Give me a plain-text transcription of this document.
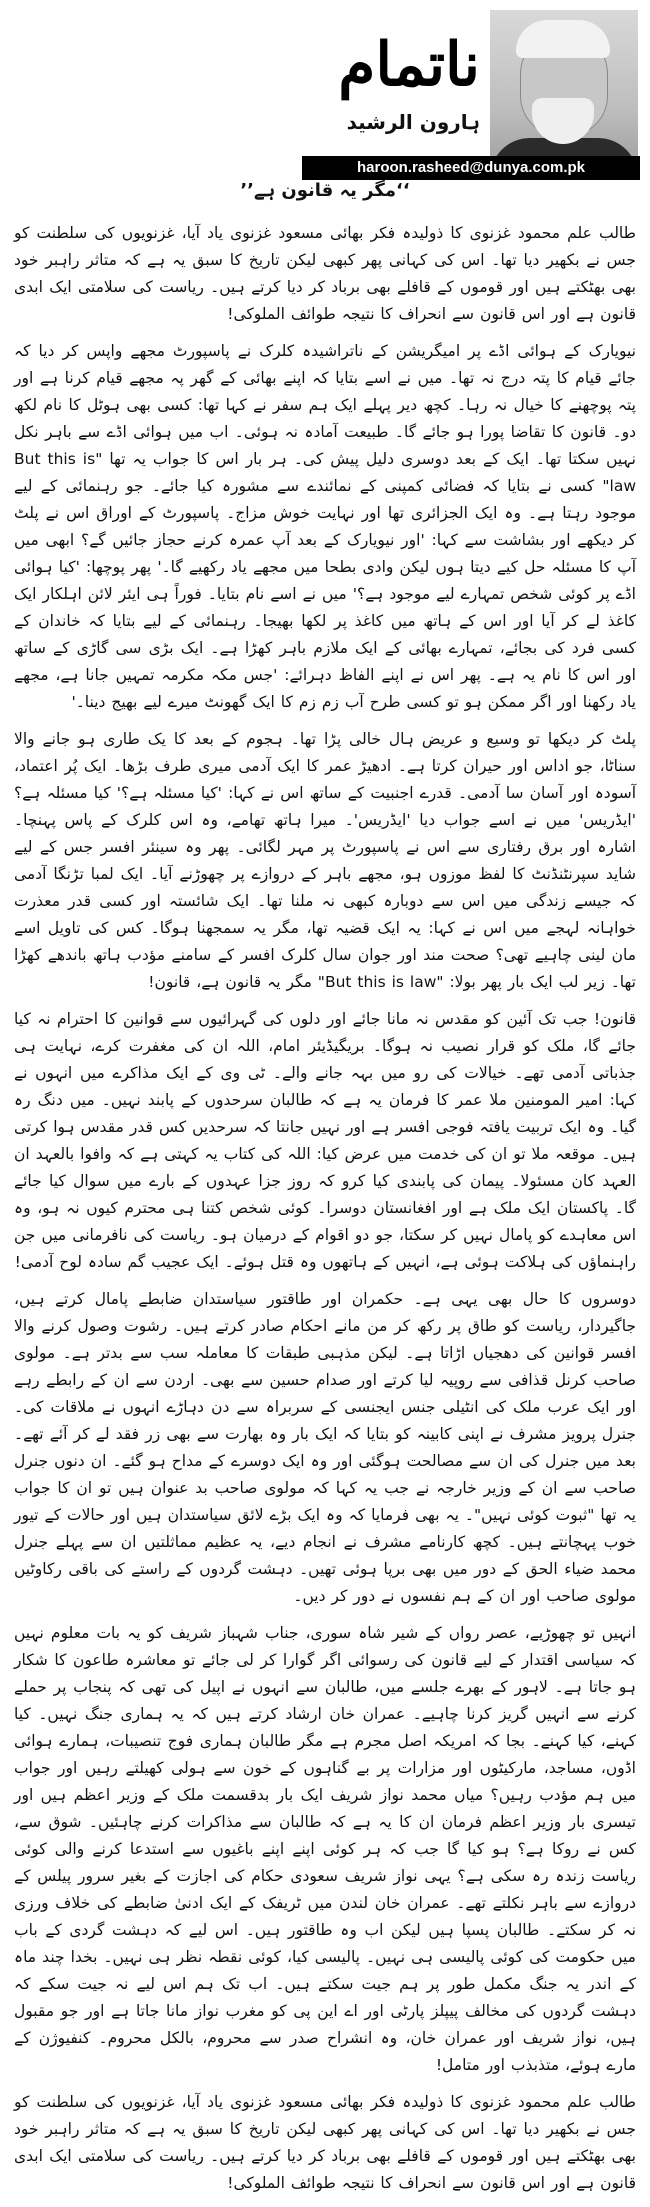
ناتمام
ہارون الرشید
haroon.rasheed@dunya.com.pk
’’مگر یہ قانون ہے‘‘

طالب علم محمود غزنوی کا ذولیدہ فکر بھائی مسعود غزنوی یاد آیا، غزنویوں کی سلطنت کو جس نے بکھیر دیا تھا۔ اس کی کہانی پھر کبھی لیکن تاریخ کا سبق یہ ہے کہ متاثر راہبر خود بھی بھٹکتے ہیں اور قوموں کے قافلے بھی برباد کر دیا کرتے ہیں۔ ریاست کی سلامتی ایک ابدی قانون ہے اور اس قانون سے انحراف کا نتیجہ طوائف الملوکی!

نیویارک کے ہوائی اڈے پر امیگریشن کے ناتراشیدہ کلرک نے پاسپورٹ مجھے واپس کر دیا کہ جائے قیام کا پتہ درج نہ تھا۔ میں نے اسے بتایا کہ اپنے بھائی کے گھر پہ مجھے قیام کرنا ہے اور پتہ پوچھنے کا خیال نہ رہا۔ کچھ دیر پہلے ایک ہم سفر نے کہا تھا: کسی بھی ہوٹل کا نام لکھ دو۔ قانون کا تقاضا پورا ہو جائے گا۔ طبیعت آمادہ نہ ہوئی۔ اب میں ہوائی اڈے سے باہر نکل نہیں سکتا تھا۔ ایک کے بعد دوسری دلیل پیش کی۔ ہر بار اس کا جواب یہ تھا "But this is law" کسی نے بتایا کہ فضائی کمپنی کے نمائندے سے مشورہ کیا جائے۔ جو رہنمائی کے لیے موجود رہتا ہے۔ وہ ایک الجزائری تھا اور نہایت خوش مزاج۔ پاسپورٹ کے اوراق اس نے پلٹ کر دیکھے اور بشاشت سے کہا: 'اور نیویارک کے بعد آپ عمرہ کرنے حجاز جائیں گے؟ ابھی میں آپ کا مسئلہ حل کیے دیتا ہوں لیکن وادی بطحا میں مجھے یاد رکھیے گا۔' پھر پوچھا: 'کیا ہوائی اڈے پر کوئی شخص تمہارے لیے موجود ہے؟' میں نے اسے نام بتایا۔ فوراً ہی ایئر لائن اہلکار ایک کاغذ لے کر آیا اور اس کے ہاتھ میں کاغذ پر لکھا بھیجا۔ رہنمائی کے لیے بتایا کہ خاندان کے کسی فرد کی بجائے، تمہارے بھائی کے ایک ملازم باہر کھڑا ہے۔ ایک بڑی سی گاڑی کے ساتھ اور اس کا نام یہ ہے۔ پھر اس نے اپنے الفاظ دہرائے: 'جس مکہ مکرمہ تمہیں جانا ہے، مجھے یاد رکھنا اور اگر ممکن ہو تو کسی طرح آب زم زم کا ایک گھونٹ میرے لیے بھیج دینا۔'

پلٹ کر دیکھا تو وسیع و عریض ہال خالی پڑا تھا۔ ہجوم کے بعد کا یک طاری ہو جانے والا سناٹا، جو اداس اور حیران کرتا ہے۔ ادھیڑ عمر کا ایک آدمی میری طرف بڑھا۔ ایک پُر اعتماد، آسودہ اور آسان سا آدمی۔ قدرے اجنبیت کے ساتھ اس نے کہا: 'کیا مسئلہ ہے؟' کیا مسئلہ ہے؟ 'ایڈریس' میں نے اسے جواب دیا 'ایڈریس'۔ میرا ہاتھ تھامے، وہ اس کلرک کے پاس پہنچا۔ اشارہ اور برق رفتاری سے اس نے پاسپورٹ پر مہر لگائی۔ پھر وہ سینئر افسر جس کے لیے شاید سپرنٹنڈنٹ کا لفظ موزوں ہو، مجھے باہر کے دروازے پر چھوڑنے آیا۔ ایک لمبا تڑنگا آدمی کہ جیسے زندگی میں اس سے دوبارہ کبھی نہ ملنا تھا۔ ایک شائستہ اور کسی قدر معذرت خواہانہ لہجے میں اس نے کہا: یہ ایک قضیہ تھا، مگر یہ سمجھنا ہوگا۔ کس کی تاویل اسے مان لینی چاہیے تھی؟ صحت مند اور جوان سال کلرک افسر کے سامنے مؤدب ہاتھ باندھے کھڑا تھا۔ زیر لب ایک بار پھر بولا: "But this is law" مگر یہ قانون ہے، قانون!

قانون! جب تک آئین کو مقدس نہ مانا جائے اور دلوں کی گہرائیوں سے قوانین کا احترام نہ کیا جائے گا، ملک کو قرار نصیب نہ ہوگا۔ بریگیڈیئر امام، اللہ ان کی مغفرت کرے، نہایت ہی جذباتی آدمی تھے۔ خیالات کی رو میں بہہ جانے والے۔ ٹی وی کے ایک مذاکرے میں انہوں نے کہا: امیر المومنین ملا عمر کا فرمان یہ ہے کہ طالبان سرحدوں کے پابند نہیں۔ میں دنگ رہ گیا۔ وہ ایک تربیت یافتہ فوجی افسر ہے اور نہیں جانتا کہ سرحدیں کس قدر مقدس ہوا کرتی ہیں۔ موقعہ ملا تو ان کی خدمت میں عرض کیا: اللہ کی کتاب یہ کہتی ہے کہ وافوا بالعہد ان العہد کان مسئولا۔ پیمان کی پابندی کیا کرو کہ روز جزا عہدوں کے بارے میں سوال کیا جائے گا۔ پاکستان ایک ملک ہے اور افغانستان دوسرا۔ کوئی شخص کتنا ہی محترم کیوں نہ ہو، وہ اس معاہدے کو پامال نہیں کر سکتا، جو دو اقوام کے درمیان ہو۔ ریاست کی نافرمانی میں جن راہنماؤں کی ہلاکت ہوئی ہے، انہیں کے ہاتھوں وہ قتل ہوئے۔ ایک عجیب گم سادہ لوح آدمی!

دوسروں کا حال بھی یہی ہے۔ حکمران اور طاقتور سیاستدان ضابطے پامال کرتے ہیں، جاگیردار، ریاست کو طاق پر رکھ کر من مانے احکام صادر کرتے ہیں۔ رشوت وصول کرنے والا افسر قوانین کی دھجیاں اڑاتا ہے۔ لیکن مذہبی طبقات کا معاملہ سب سے بدتر ہے۔ مولوی صاحب کرنل قذافی سے روپیہ لیا کرتے اور صدام حسین سے بھی۔ اردن سے ان کے رابطے رہے اور ایک عرب ملک کی انٹیلی جنس ایجنسی کے سربراہ سے دن دہاڑے انہوں نے ملاقات کی۔ جنرل پرویز مشرف نے اپنی کابینہ کو بتایا کہ ایک بار وہ بھارت سے بھی زر فقد لے کر آئے تھے۔ بعد میں جنرل کی ان سے مصالحت ہوگئی اور وہ ایک دوسرے کے مداح ہو گئے۔ ان دنوں جنرل صاحب سے ان کے وزیر خارجہ نے جب یہ کہا کہ مولوی صاحب بد عنوان ہیں تو ان کا جواب یہ تھا "ثبوت کوئی نہیں"۔ یہ بھی فرمایا کہ وہ ایک بڑے لائق سیاستدان ہیں اور حالات کے تیور خوب پہچانتے ہیں۔ کچھ کارنامے مشرف نے انجام دیے، یہ عظیم مماثلتیں ان سے پہلے جنرل محمد ضیاء الحق کے دور میں بھی برپا ہوئی تھیں۔ دہشت گردوں کے راستے کی باقی رکاوٹیں مولوی صاحب اور ان کے ہم نفسوں نے دور کر دیں۔

انہیں تو چھوڑیے، عصر رواں کے شیر شاہ سوری، جناب شہباز شریف کو یہ بات معلوم نہیں کہ سیاسی اقتدار کے لیے قانون کی رسوائی اگر گوارا کر لی جائے تو معاشرہ طاعون کا شکار ہو جاتا ہے۔ لاہور کے بھرے جلسے میں، طالبان سے انہوں نے اپیل کی تھی کہ پنجاب پر حملے کرنے سے انہیں گریز کرنا چاہیے۔ عمران خان ارشاد کرتے ہیں کہ یہ ہماری جنگ نہیں۔ کیا کہنے، کیا کہنے۔ بجا کہ امریکہ اصل مجرم ہے مگر طالبان ہماری فوج تنصیبات، ہمارے ہوائی اڈوں، مساجد، مارکیٹوں اور مزارات پر بے گناہوں کے خون سے ہولی کھیلتے رہیں اور جواب میں ہم مؤدب رہیں؟ میاں محمد نواز شریف ایک بار بدقسمت ملک کے وزیر اعظم ہیں اور تیسری بار وزیر اعظم فرمان ان کا یہ ہے کہ طالبان سے مذاکرات کرنے چاہئیں۔ شوق سے، کس نے روکا ہے؟ ہو کیا گا جب کہ ہر کوئی اپنے اپنے باغیوں سے استدعا کرنے والی کوئی ریاست زندہ رہ سکی ہے؟ یہی نواز شریف سعودی حکام کی اجازت کے بغیر سرور پیلس کے دروازے سے باہر نکلتے تھے۔ عمران خان لندن میں ٹریفک کے ایک ادنیٰ ضابطے کی خلاف ورزی نہ کر سکتے۔ طالبان پسپا ہیں لیکن اب وہ طاقتور ہیں۔ اس لیے کہ دہشت گردی کے باب میں حکومت کی کوئی پالیسی ہی نہیں۔ پالیسی کیا، کوئی نقطہ نظر ہی نہیں۔ بخدا چند ماہ کے اندر یہ جنگ مکمل طور پر ہم جیت سکتے ہیں۔ اب تک ہم اس لیے نہ جیت سکے کہ دہشت گردوں کی مخالف پیپلز پارٹی اور اے این پی کو مغرب نواز مانا جاتا ہے اور جو مقبول ہیں، نواز شریف اور عمران خان، وہ انشراح صدر سے محروم، بالکل محروم۔ کنفیوژن کے مارے ہوئے، متذبذب اور متامل!

طالب علم محمود غزنوی کا ذولیدہ فکر بھائی مسعود غزنوی یاد آیا، غزنویوں کی سلطنت کو جس نے بکھیر دیا تھا۔ اس کی کہانی پھر کبھی لیکن تاریخ کا سبق یہ ہے کہ متاثر راہبر خود بھی بھٹکتے ہیں اور قوموں کے قافلے بھی برباد کر دیا کرتے ہیں۔ ریاست کی سلامتی ایک ابدی قانون ہے اور اس قانون سے انحراف کا نتیجہ طوائف الملوکی!
